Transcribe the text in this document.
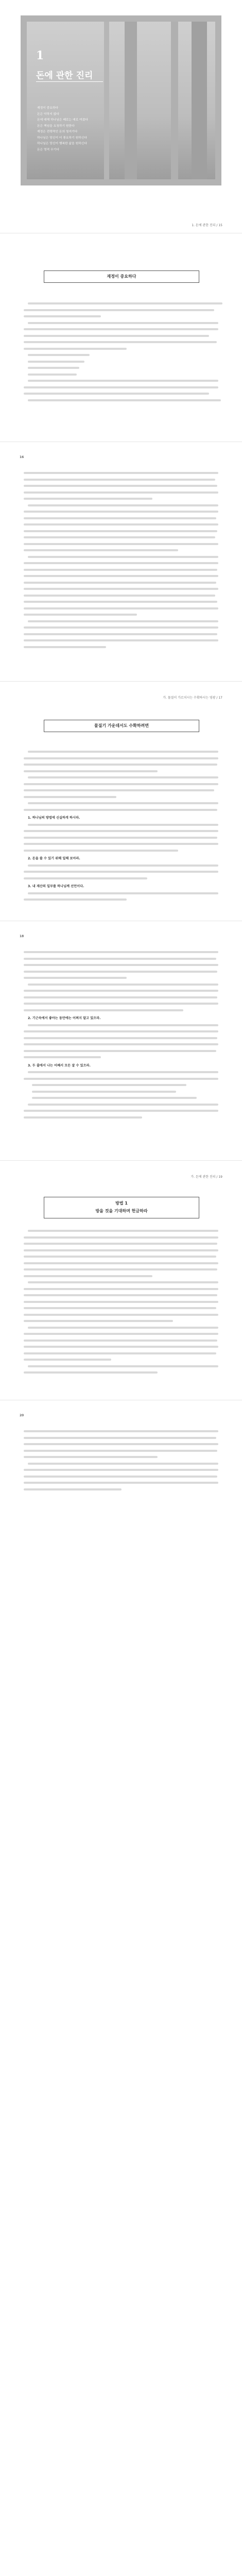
1
돈에 관한 진리
재정이 중요하다
돈은 악하지 않다
돈에 대해 하나님은 때로는 예로 여겼다
돈은 책임을 요청하기 원한다
재정은 전략적인 돈의 청지기다
하나님은 당신이 더 풍요하기 원하신다
하나님은 당신이 행복한 삶을 원하신다
돈은 영적 무기다
1. 돈에 관한 진리 / 15
재정이 중요하다
16
가. 물질이 가르치시는 수확하시는 영광 / 17
물질기 가운데서도 수확하려면
1. 하나님의 방법에 신실하게 하시라.
2. 돈을 쓸 수 있기 위해 일해 보아라.
3. 내 재산의 일부를 하나님께 선언이다.
18
2. 기근속에서 좋아는 동만에는 어쩌지 말고 있으라.
3. 두 줄에서 나는 어째서 모든 잘 수 있으라.
가. 돈에 관한 진리 / 19
방법 1
방을 것을 기대하며 헌금하라
20
